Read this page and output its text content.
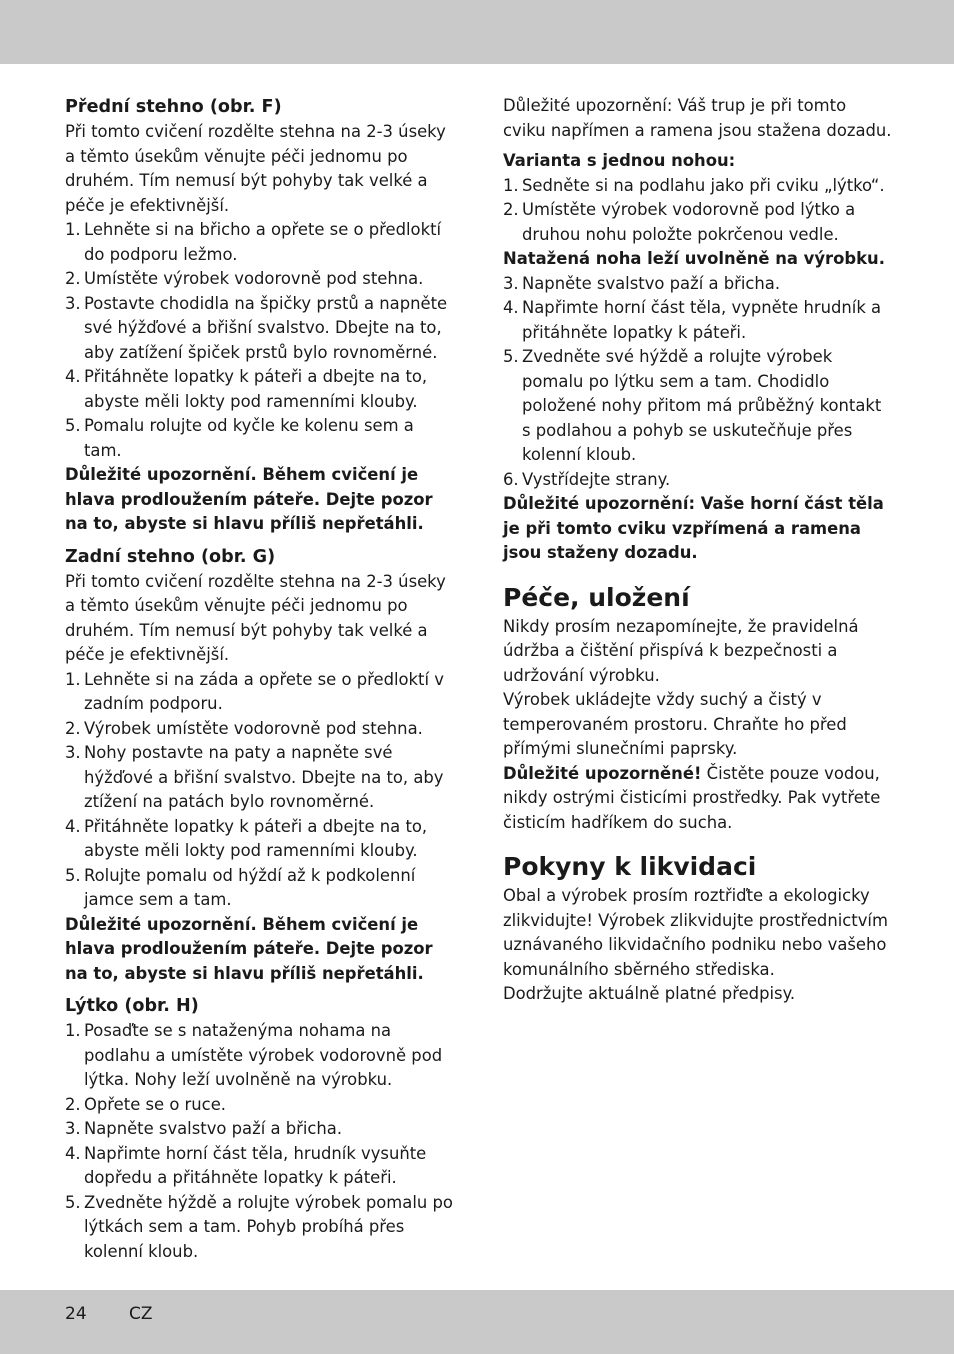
Přední stehno (obr. F)

Při tomto cvičení rozdělte stehna na 2-3 úseky a těmto úsekům věnujte péči jednomu po druhém. Tím nemusí být pohyby tak velké a péče je efektivnější.

1. Lehněte si na břicho a opřete se o předloktí do podporu ležmo.
2. Umístěte výrobek vodorovně pod stehna.
3. Postavte chodidla na špičky prstů a napněte své hýžďové a břišní svalstvo. Dbejte na to, aby zatížení špiček prstů bylo rovnoměrné.
4. Přitáhněte lopatky k páteři a dbejte na to, abyste měli lokty pod ramenními klouby.
5. Pomalu rolujte od kyčle ke kolenu sem a tam.

Důležité upozornění. Během cvičení je hlava prodloužením páteře. Dejte pozor na to, abyste si hlavu příliš nepřetáhli.

Zadní stehno (obr. G)

Při tomto cvičení rozdělte stehna na 2-3 úseky a těmto úsekům věnujte péči jednomu po druhém. Tím nemusí být pohyby tak velké a péče je efektivnější.

1. Lehněte si na záda a opřete se o předloktí v zadním podporu.
2. Výrobek umístěte vodorovně pod stehna.
3. Nohy postavte na paty a napněte své hýžďové a břišní svalstvo. Dbejte na to, aby ztížení na patách bylo rovnoměrné.
4. Přitáhněte lopatky k páteři a dbejte na to, abyste měli lokty pod ramenními klouby.
5. Rolujte pomalu od hýždí až k podkolenní jamce sem a tam.

Důležité upozornění. Během cvičení je hlava prodloužením páteře. Dejte pozor na to, abyste si hlavu příliš nepřetáhli.

Lýtko (obr. H)
1. Posaďte se s nataženýma nohama na podlahu a umístěte výrobek vodorovně pod lýtka. Nohy leží uvolněně na výrobku.
2. Opřete se o ruce.
3. Napněte svalstvo paží a břicha.
4. Napřimte horní část těla, hrudník vysuňte dopředu a přitáhněte lopatky k páteři.
5. Zvedněte hýždě a rolujte výrobek pomalu po lýtkách sem a tam. Pohyb probíhá přes kolenní kloub.

Důležité upozornění: Váš trup je při tomto cviku napřímen a ramena jsou stažena dozadu.

Varianta s jednou nohou:

1. Sedněte si na podlahu jako při cviku „lýtko“.
2. Umístěte výrobek vodorovně pod lýtko a druhou nohu položte pokrčenou vedle.

Natažená noha leží uvolněně na výrobku.

3. Napněte svalstvo paží a břicha.
4. Napřimte horní část těla, vypněte hrudník a přitáhněte lopatky k páteři.
5. Zvedněte své hýždě a rolujte výrobek pomalu po lýtku sem a tam. Chodidlo položené nohy přitom má průběžný kontakt s podlahou a pohyb se uskutečňuje přes kolenní kloub.
6. Vystřídejte strany.

Důležité upozornění: Vaše horní část těla je při tomto cviku vzpřímená a ramena jsou staženy dozadu.

Péče, uložení

Nikdy prosím nezapomínejte, že pravidelná údržba a čištění přispívá k bezpečnosti a udržování výrobku.

Výrobek ukládejte vždy suchý a čistý v temperovaném prostoru. Chraňte ho před přímými slunečními paprsky.

Důležité upozorněné! Čistěte pouze vodou, nikdy ostrými čisticími prostředky. Pak vytřete čisticím hadříkem do sucha.

Pokyny k likvidaci

Obal a výrobek prosím roztřiďte a ekologicky zlikvidujte! Výrobek zlikvidujte prostřednictvím uznávaného likvidačního podniku nebo vašeho komunálního sběrného střediska.

Dodržujte aktuálně platné předpisy.

24 CZ
